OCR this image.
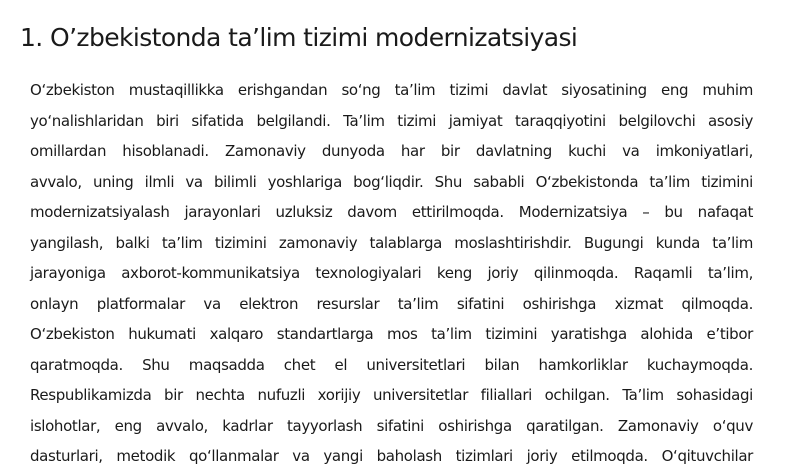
1. O’zbekistonda ta’lim tizimi modernizatsiyasi
O‘zbekiston mustaqillikka erishgandan so‘ng ta’lim tizimi davlat siyosatining eng muhim
yo‘nalishlaridan biri sifatida belgilandi. Ta’lim tizimi jamiyat taraqqiyotini belgilovchi asosiy
omillardan hisoblanadi. Zamonaviy dunyoda har bir davlatning kuchi va imkoniyatlari,
avvalo, uning ilmli va bilimli yoshlariga bog‘liqdir. Shu sababli O‘zbekistonda ta’lim tizimini
modernizatsiyalash jarayonlari uzluksiz davom ettirilmoqda. Modernizatsiya – bu nafaqat
yangilash, balki ta’lim tizimini zamonaviy talablarga moslashtirishdir. Bugungi kunda ta’lim
jarayoniga axborot-kommunikatsiya texnologiyalari keng joriy qilinmoqda. Raqamli ta’lim,
onlayn platformalar va elektron resurslar ta’lim sifatini oshirishga xizmat qilmoqda.
O‘zbekiston hukumati xalqaro standartlarga mos ta’lim tizimini yaratishga alohida e’tibor
qaratmoqda. Shu maqsadda chet el universitetlari bilan hamkorliklar kuchaymoqda.
Respublikamizda bir nechta nufuzli xorijiy universitetlar filiallari ochilgan. Ta’lim sohasidagi
islohotlar, eng avvalo, kadrlar tayyorlash sifatini oshirishga qaratilgan. Zamonaviy o‘quv
dasturlari, metodik qo‘llanmalar va yangi baholash tizimlari joriy etilmoqda. O‘qituvchilar
